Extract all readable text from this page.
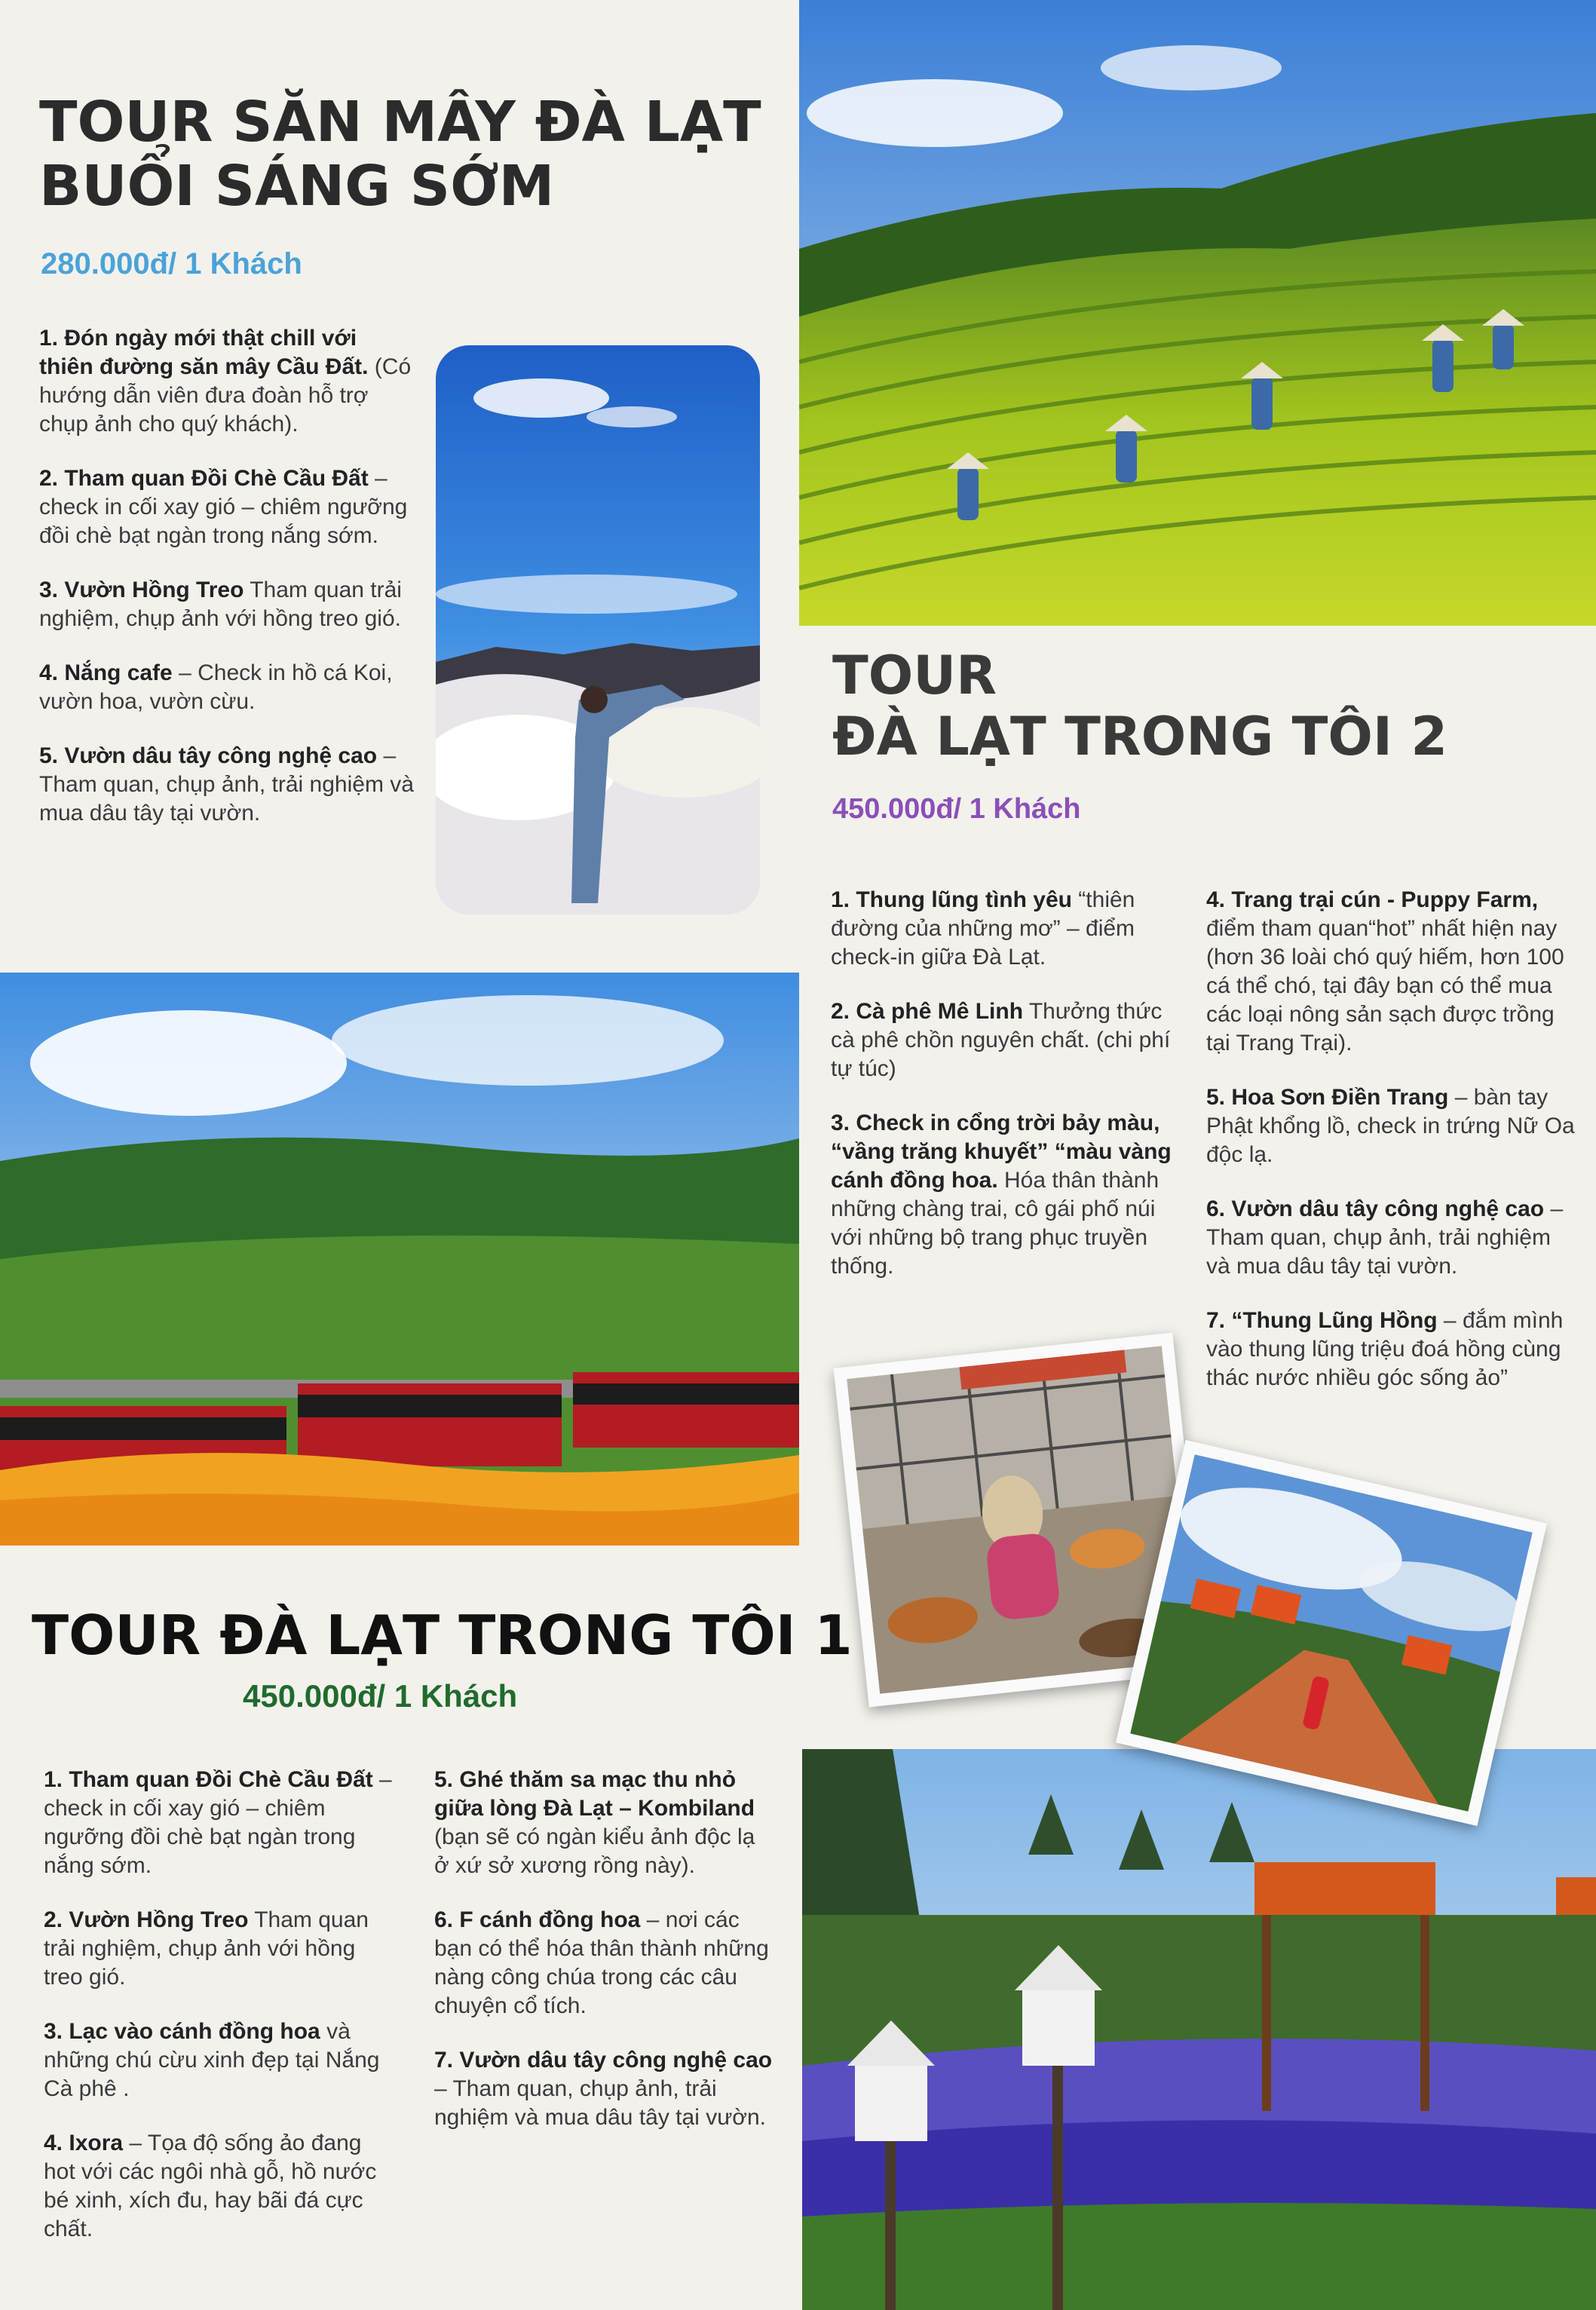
TOUR SĂN MÂY ĐÀ LẠT
BUỔI SÁNG SỚM

280.000đ/ 1 Khách

1. Đón ngày mới thật chill với thiên đường săn mây Cầu Đất. (Có hướng dẫn viên đưa đoàn hỗ trợ chụp ảnh cho quý khách).

2. Tham quan Đồi Chè Cầu Đất – check in cối xay gió – chiêm ngưỡng đồi chè bạt ngàn trong nắng sớm.

3. Vườn Hồng Treo Tham quan trải nghiệm, chụp ảnh với hồng treo gió.

4. Nắng cafe – Check in hồ cá Koi, vườn hoa, vườn cừu.

5. Vườn dâu tây công nghệ cao – Tham quan, chụp ảnh, trải nghiệm và mua dâu tây tại vườn.

TOUR
ĐÀ LẠT TRONG TÔI 2

450.000đ/ 1 Khách

1. Thung lũng tình yêu “thiên đường của những mơ” – điểm check-in giữa Đà Lạt.

2. Cà phê Mê Linh Thưởng thức cà phê chồn nguyên chất. (chi phí tự túc)

3. Check in cổng trời bảy màu, “vầng trăng khuyết” “màu vàng cánh đồng hoa. Hóa thân thành những chàng trai, cô gái phố núi với những bộ trang phục truyền thống.

4. Trang trại cún - Puppy Farm, điểm tham quan“hot” nhất hiện nay (hơn 36 loài chó quý hiếm, hơn 100 cá thể chó, tại đây bạn có thể mua các loại nông sản sạch được trồng tại Trang Trại).

5. Hoa Sơn Điền Trang – bàn tay Phật khổng lồ, check in trứng Nữ Oa độc lạ.

6. Vườn dâu tây công nghệ cao – Tham quan, chụp ảnh, trải nghiệm và mua dâu tây tại vườn.

7. “Thung Lũng Hồng – đắm mình vào thung lũng triệu đoá hồng cùng thác nước nhiều góc sống ảo”

TOUR ĐÀ LẠT TRONG TÔI 1

450.000đ/ 1 Khách

1. Tham quan Đồi Chè Cầu Đất – check in cối xay gió – chiêm ngưỡng đồi chè bạt ngàn trong nắng sớm.

2. Vườn Hồng Treo Tham quan trải nghiệm, chụp ảnh với hồng treo gió.

3. Lạc vào cánh đồng hoa và những chú cừu xinh đẹp tại Nắng Cà phê .

4. Ixora – Tọa độ sống ảo đang hot với các ngôi nhà gỗ, hồ nước bé xinh, xích đu, hay bãi đá cực chất.

5. Ghé thăm sa mạc thu nhỏ giữa lòng Đà Lạt – Kombiland (bạn sẽ có ngàn kiểu ảnh độc lạ ở xứ sở xương rồng này).

6. F cánh đồng hoa – nơi các bạn có thể hóa thân thành những nàng công chúa trong các câu chuyện cổ tích.

7. Vườn dâu tây công nghệ cao – Tham quan, chụp ảnh, trải nghiệm và mua dâu tây tại vườn.
